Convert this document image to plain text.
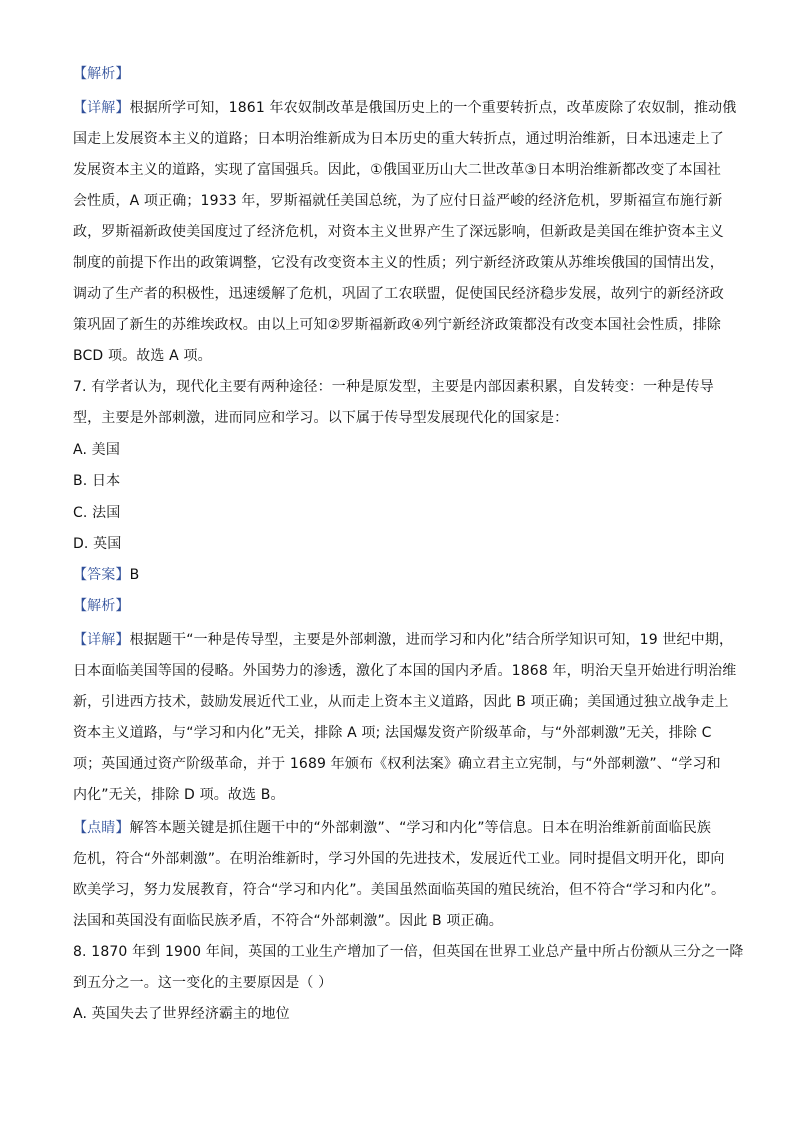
【解析】
【详解】根据所学可知，1861 年农奴制改革是俄国历史上的一个重要转折点，改革废除了农奴制，推动俄
国走上发展资本主义的道路；日本明治维新成为日本历史的重大转折点，通过明治维新，日本迅速走上了
发展资本主义的道路，实现了富国强兵。因此，①俄国亚历山大二世改革③日本明治维新都改变了本国社
会性质，A 项正确；1933 年，罗斯福就任美国总统，为了应付日益严峻的经济危机，罗斯福宣布施行新
政，罗斯福新政使美国度过了经济危机，对资本主义世界产生了深远影响，但新政是美国在维护资本主义
制度的前提下作出的政策调整，它没有改变资本主义的性质；列宁新经济政策从苏维埃俄国的国情出发，
调动了生产者的积极性，迅速缓解了危机，巩固了工农联盟，促使国民经济稳步发展，故列宁的新经济政
策巩固了新生的苏维埃政权。由以上可知②罗斯福新政④列宁新经济政策都没有改变本国社会性质，排除
BCD 项。故选 A 项。
7. 有学者认为，现代化主要有两种途径：一种是原发型，主要是内部因素积累，自发转变：一种是传导
型，主要是外部刺激，进而同应和学习。以下属于传导型发展现代化的国家是：
A. 美国
B. 日本
C. 法国
D. 英国
【答案】B
【解析】
【详解】根据题干“一种是传导型，主要是外部刺激，进而学习和内化”结合所学知识可知，19 世纪中期，
日本面临美国等国的侵略。外国势力的渗透，激化了本国的国内矛盾。1868 年，明治天皇开始进行明治维
新，引进西方技术，鼓励发展近代工业，从而走上资本主义道路，因此 B 项正确；美国通过独立战争走上
资本主义道路，与“学习和内化”无关，排除 A 项; 法国爆发资产阶级革命，与“外部刺激”无关，排除 C
项；英国通过资产阶级革命，并于 1689 年颁布《权利法案》确立君主立宪制，与“外部刺激”、“学习和
内化”无关，排除 D 项。故选 B。
【点睛】解答本题关键是抓住题干中的“外部刺激”、“学习和内化”等信息。日本在明治维新前面临民族
危机，符合“外部刺激”。在明治维新时，学习外国的先进技术，发展近代工业。同时提倡文明开化，即向
欧美学习，努力发展教育，符合“学习和内化”。美国虽然面临英国的殖民统治，但不符合“学习和内化”。
法国和英国没有面临民族矛盾，不符合“外部刺激”。因此 B 项正确。
8. 1870 年到 1900 年间，英国的工业生产增加了一倍，但英国在世界工业总产量中所占份额从三分之一降
到五分之一。这一变化的主要原因是（ ）
A. 英国失去了世界经济霸主的地位
